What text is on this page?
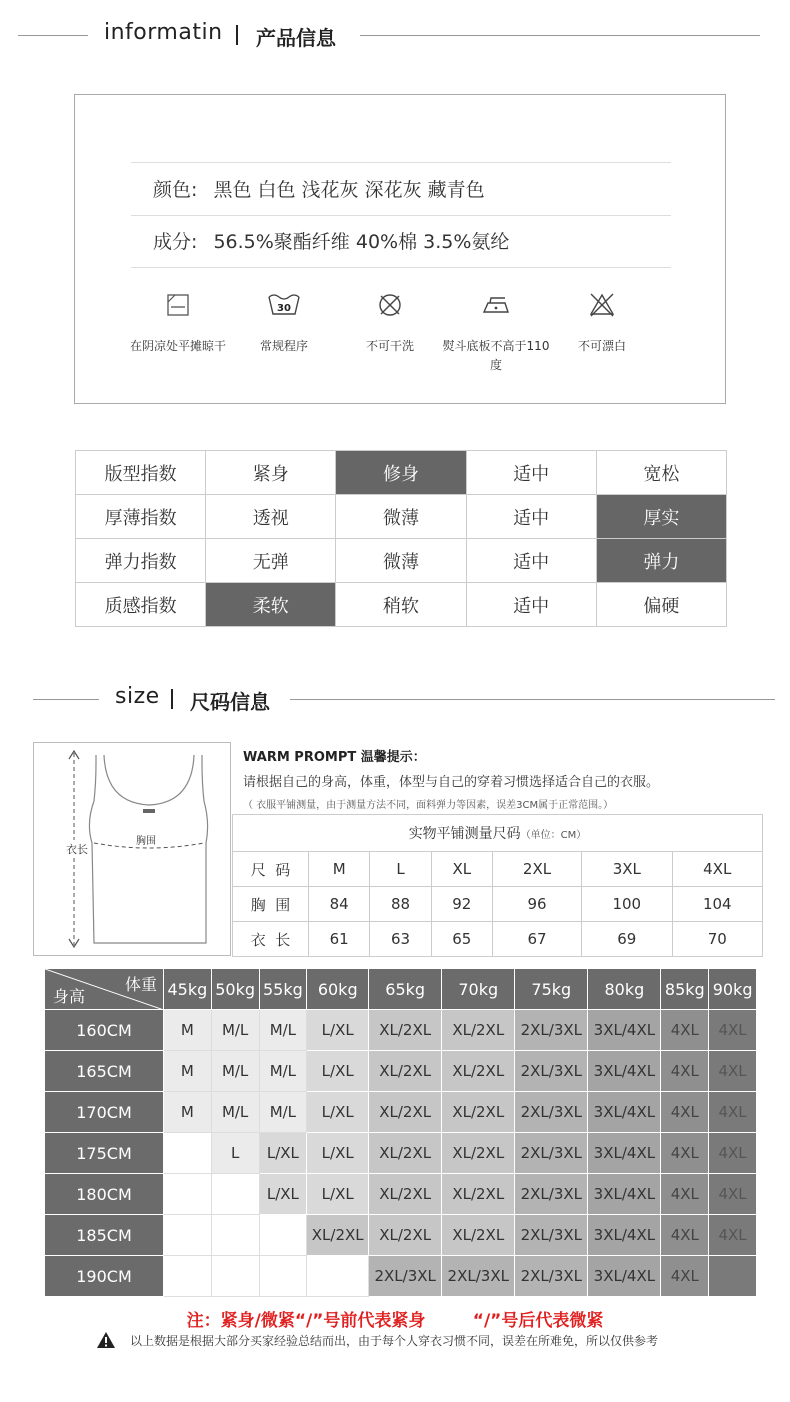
informatin 产品信息
颜色: 黑色 白色 浅花灰 深花灰 藏青色
成分: 56.5%聚酯纤维 40%棉 3.5%氨纶
在阴凉处平摊晾干
30
常规程序	不可干洗	熨斗底板不高于110度
不可漂白
版型指数	紧身	修身	适中	宽松
厚薄指数	透视	微薄	适中	厚实
弹力指数	无弹	微薄	适中	弹力
质感指数	柔软	稍软	适中	偏硬
size 尺码信息
衣长
胸围
WARM PROMPT 温馨提示：
请根据自己的身高，体重，体型与自己的穿着习惯选择适合自己的衣服。
（ 衣服平铺测量，由于测量方法不同，面料弹力等因素，误差3CM属于正常范围。）
实物平铺测量尺码（单位：CM）						
尺  码	M	L	XL	2XL	3XL	4XL
胸  围	84	88	92	96	100	104
衣  长	61	63	65	67	69	70
体重
身高	45kg	50kg	55kg	60kg	65kg	70kg	75kg	80kg	85kg	90kg
160CM	M	M/L	M/L	L/XL	XL/2XL	XL/2XL	2XL/3XL	3XL/4XL	4XL	4XL
165CM	M	M/L	M/L	L/XL	XL/2XL	XL/2XL	2XL/3XL	3XL/4XL	4XL	4XL
170CM	M	M/L	M/L	L/XL	XL/2XL	XL/2XL	2XL/3XL	3XL/4XL	4XL	4XL
175CM		L	L/XL	L/XL	XL/2XL	XL/2XL	2XL/3XL	3XL/4XL	4XL	4XL
180CM			L/XL	L/XL	XL/2XL	XL/2XL	2XL/3XL	3XL/4XL	4XL	4XL
185CM				XL/2XL	XL/2XL	XL/2XL	2XL/3XL	3XL/4XL	4XL	4XL
190CM					2XL/3XL	2XL/3XL	2XL/3XL	3XL/4XL	4XL	
注：紧身/微紧“/”号前代表紧身        “/”号后代表微紧
以上数据是根据大部分买家经验总结而出，由于每个人穿衣习惯不同，误差在所难免，所以仅供参考
